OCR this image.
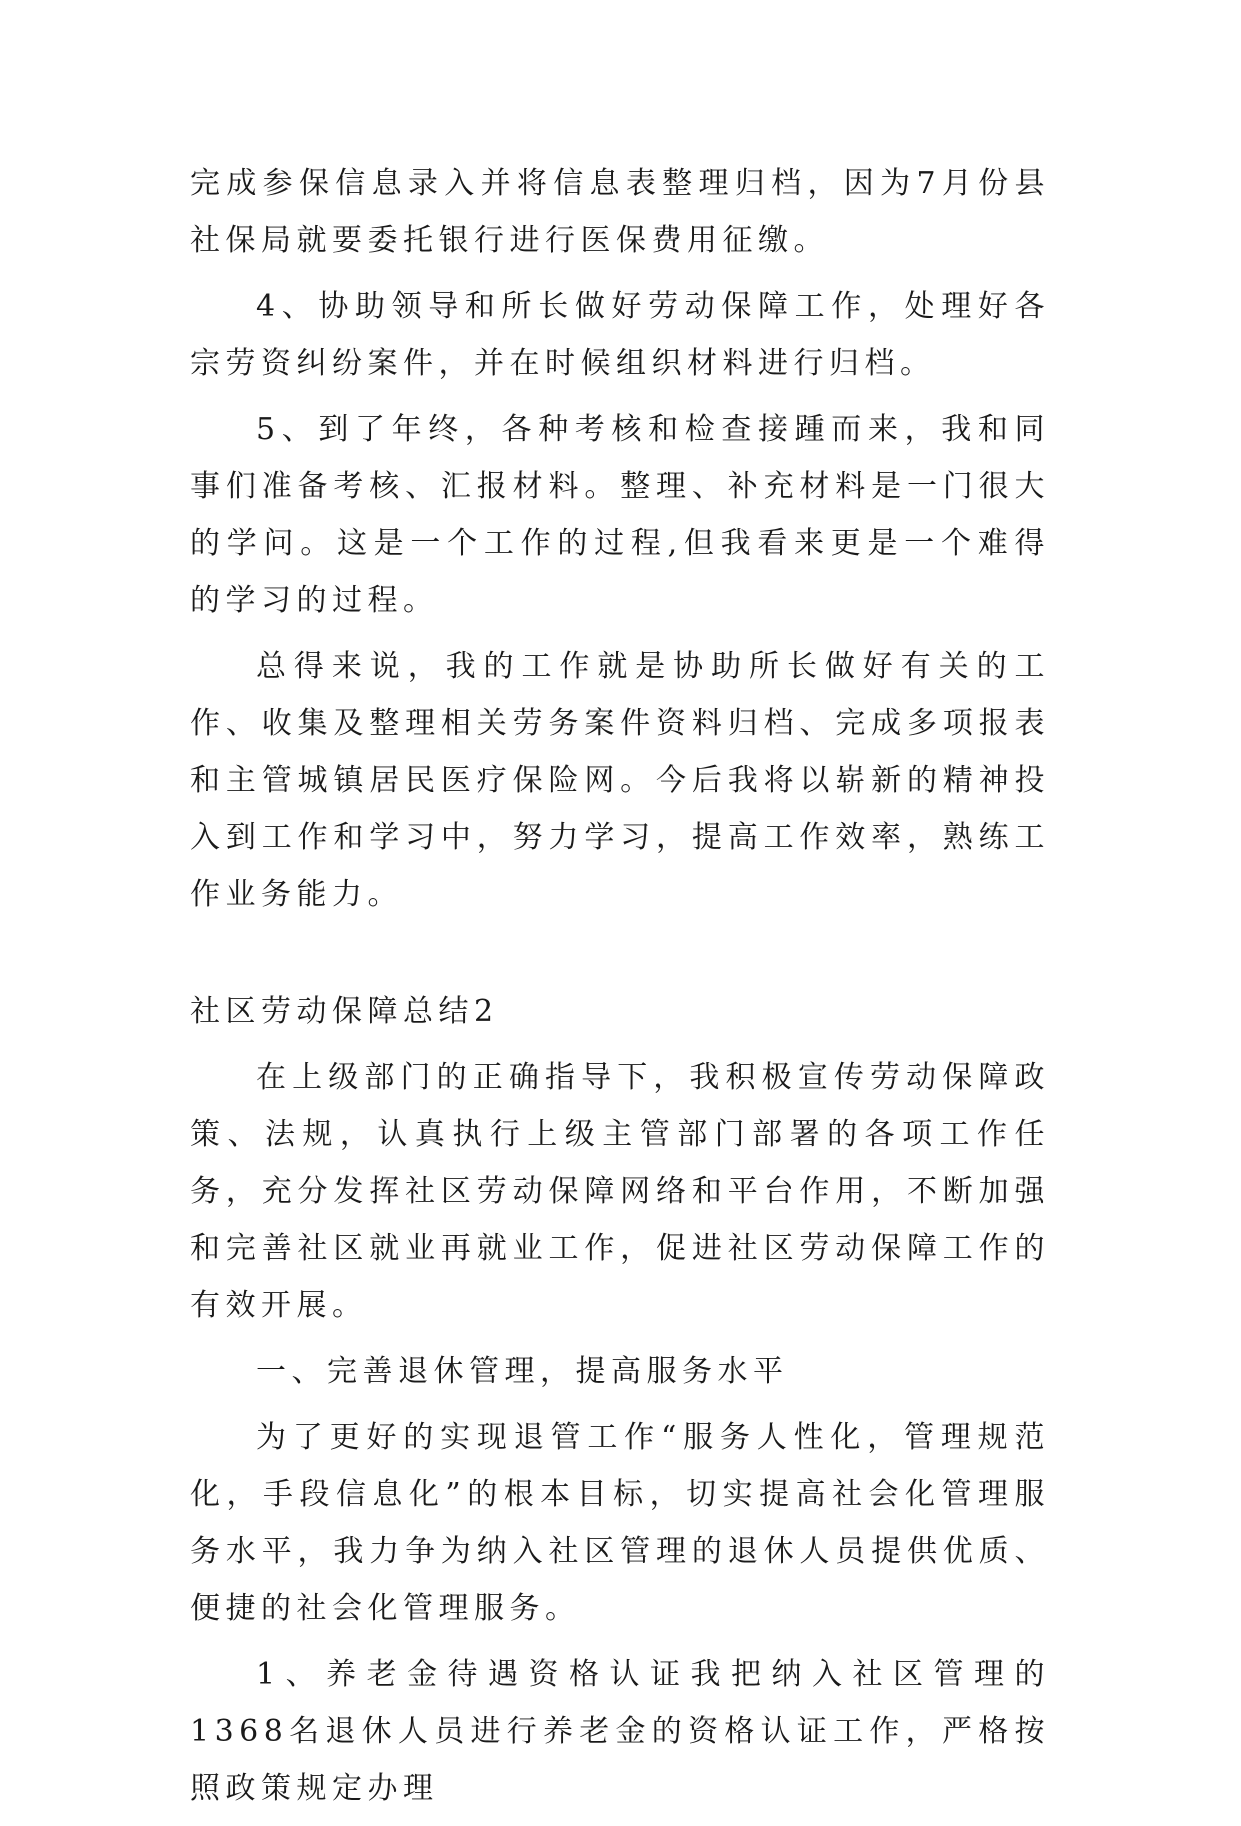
完成参保信息录入并将信息表整理归档，因为7月份县社保局就要委托银行进行医保费用征缴。

4、协助领导和所长做好劳动保障工作，处理好各宗劳资纠纷案件，并在时候组织材料进行归档。

5、到了年终，各种考核和检查接踵而来，我和同事们准备考核、汇报材料。整理、补充材料是一门很大的学问。这是一个工作的过程,但我看来更是一个难得的学习的过程。

总得来说，我的工作就是协助所长做好有关的工作、收集及整理相关劳务案件资料归档、完成多项报表和主管城镇居民医疗保险网。今后我将以崭新的精神投入到工作和学习中，努力学习，提高工作效率，熟练工作业务能力。

社区劳动保障总结2

在上级部门的正确指导下，我积极宣传劳动保障政策、法规，认真执行上级主管部门部署的各项工作任务，充分发挥社区劳动保障网络和平台作用，不断加强和完善社区就业再就业工作，促进社区劳动保障工作的有效开展。

一、完善退休管理，提高服务水平

为了更好的实现退管工作“服务人性化，管理规范化，手段信息化”的根本目标，切实提高社会化管理服务水平，我力争为纳入社区管理的退休人员提供优质、便捷的社会化管理服务。

1、养老金待遇资格认证我把纳入社区管理的1368名退休人员进行养老金的资格认证工作，严格按照政策规定办理
